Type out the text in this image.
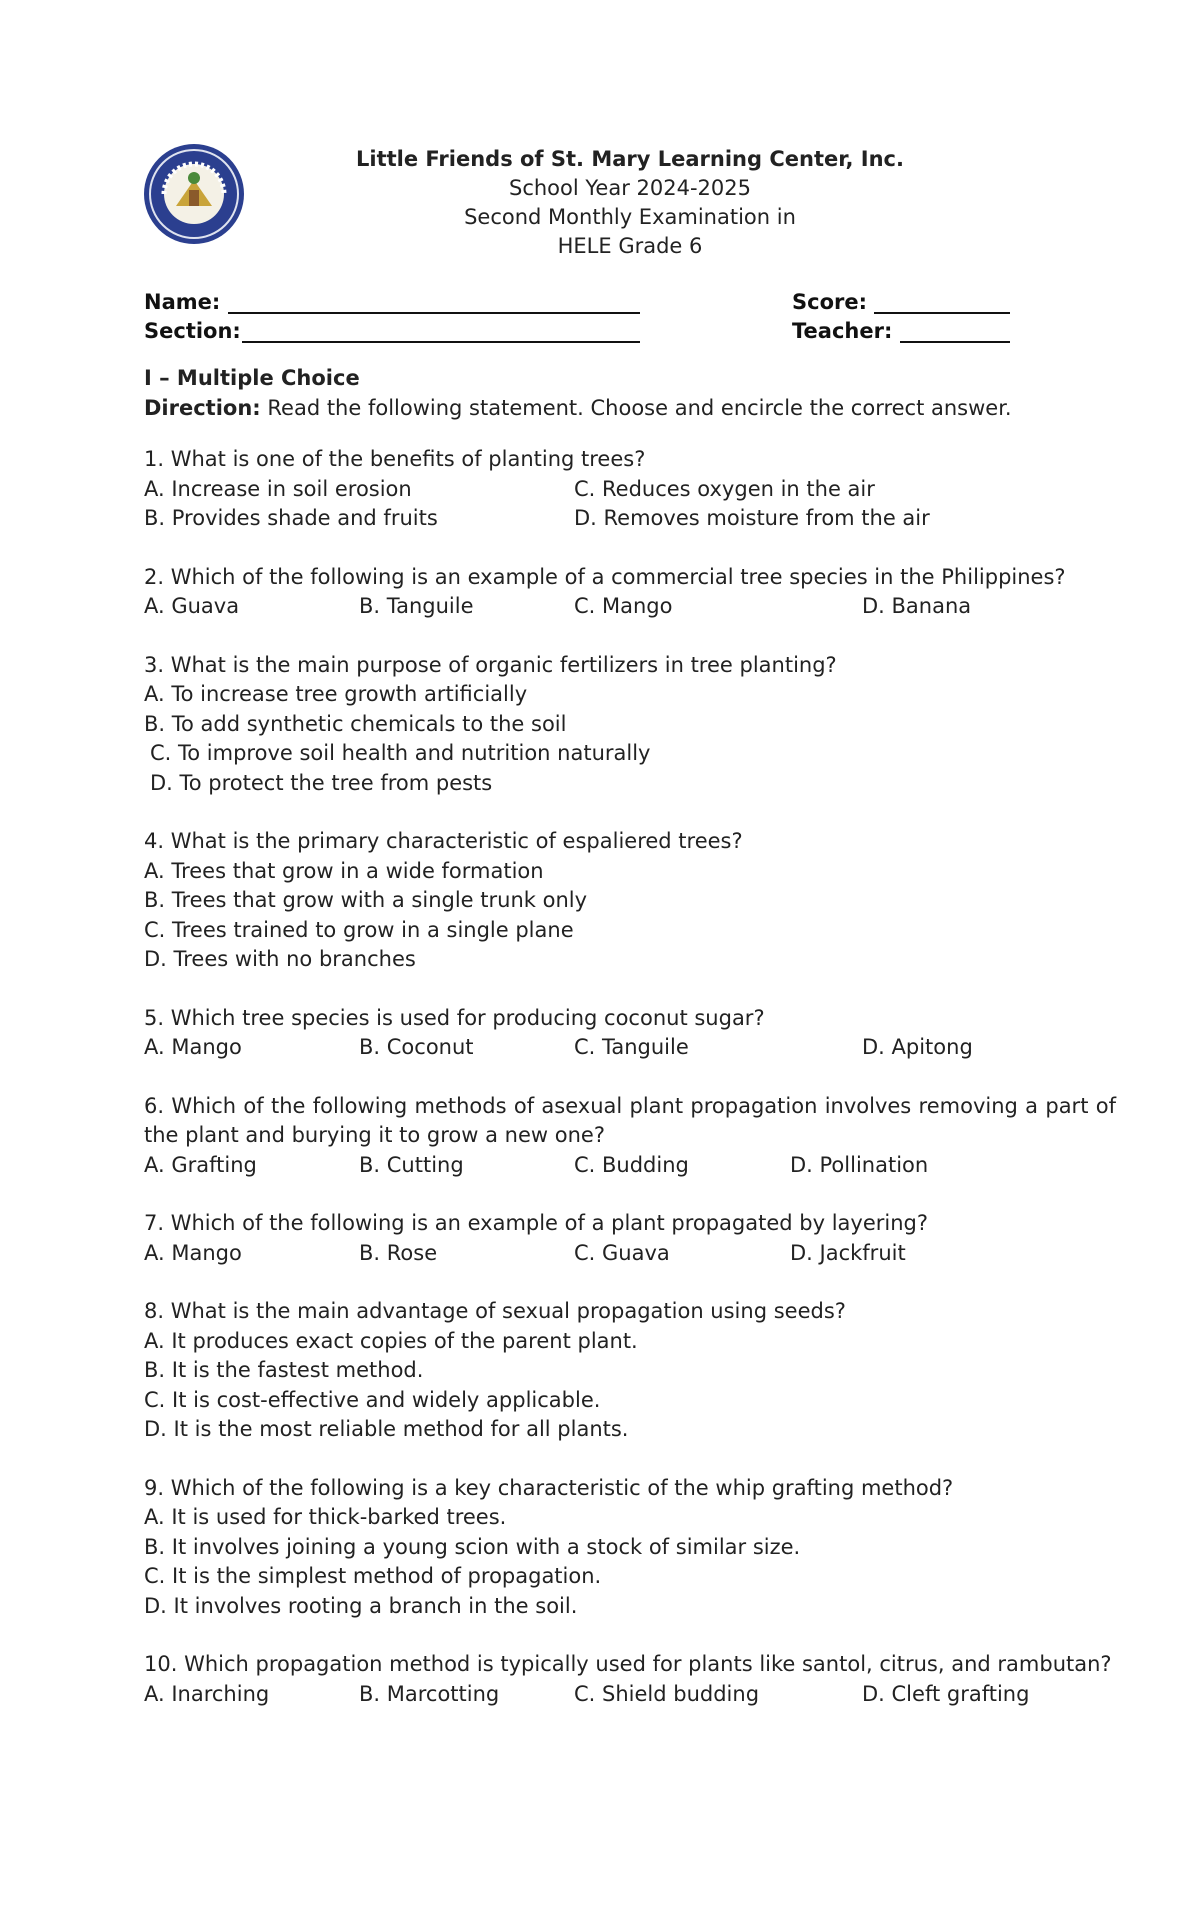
Little Friends of St. Mary Learning Center, Inc.
School Year 2024-2025
Second Monthly Examination in
HELE Grade 6
Name:	Score:
Section:	Teacher:
I – Multiple Choice
Direction: Read the following statement. Choose and encircle the correct answer.
1. What is one of the benefits of planting trees?
A. Increase in soil erosion	C. Reduces oxygen in the air
B. Provides shade and fruits	D. Removes moisture from the air
2. Which of the following is an example of a commercial tree species in the Philippines?
A. Guava	B. Tanguile	C. Mango	D. Banana
3. What is the main purpose of organic fertilizers in tree planting?
A. To increase tree growth artificially
B. To add synthetic chemicals to the soil
C. To improve soil health and nutrition naturally
D. To protect the tree from pests
4. What is the primary characteristic of espaliered trees?
A. Trees that grow in a wide formation
B. Trees that grow with a single trunk only
C. Trees trained to grow in a single plane
D. Trees with no branches
5. Which tree species is used for producing coconut sugar?
A. Mango	B. Coconut	C. Tanguile	D. Apitong
6. Which of the following methods of asexual plant propagation involves removing a part of the plant and burying it to grow a new one?
A. Grafting	B. Cutting	C. Budding	D. Pollination
7. Which of the following is an example of a plant propagated by layering?
A. Mango	B. Rose	C. Guava	D. Jackfruit
8. What is the main advantage of sexual propagation using seeds?
A. It produces exact copies of the parent plant.
B. It is the fastest method.
C. It is cost-effective and widely applicable.
D. It is the most reliable method for all plants.
9. Which of the following is a key characteristic of the whip grafting method?
A. It is used for thick-barked trees.
B. It involves joining a young scion with a stock of similar size.
C. It is the simplest method of propagation.
D. It involves rooting a branch in the soil.
10. Which propagation method is typically used for plants like santol, citrus, and rambutan?
A. Inarching	B. Marcotting	C. Shield budding	D. Cleft grafting
